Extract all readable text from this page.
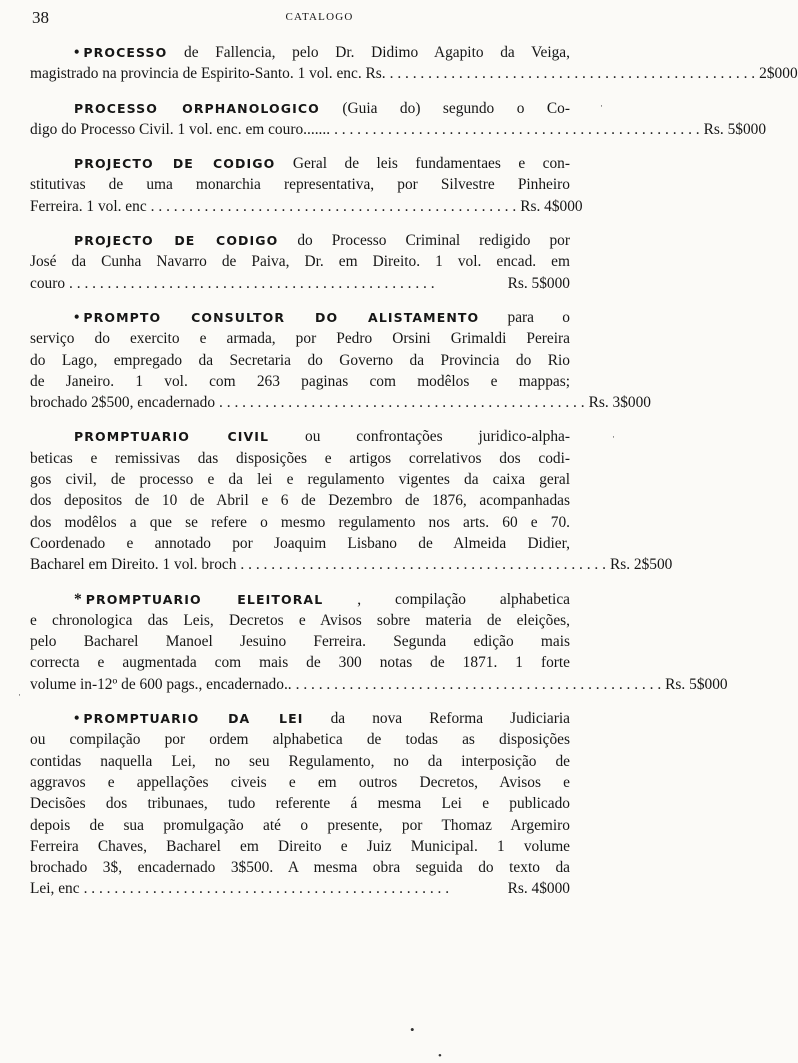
38	CATALOGO
• PROCESSO de Fallencia, pelo Dr. Didimo Agapito da Veiga,
magistrado na provincia de Espirito-Santo. 1 vol. enc. Rs. . . . . . . . . . . . . . . . . . . . . . . . . . . . . . . . . . . . . . . . . . . . . . . . . 2$000
PROCESSO ORPHANOLOGICO (Guia do) segundo o Co-
digo do Processo Civil. 1 vol. enc. em couro....... . . . . . . . . . . . . . . . . . . . . . . . . . . . . . . . . . . . . . . . . . . . . . . . . Rs. 5$000
PROJECTO DE CODIGO Geral de leis fundamentaes e con-
stitutivas de uma monarchia representativa, por Silvestre Pinheiro
Ferreira. 1 vol. enc . . . . . . . . . . . . . . . . . . . . . . . . . . . . . . . . . . . . . . . . . . . . . . . . Rs. 4$000
PROJECTO DE CODIGO do Processo Criminal redigido por
José da Cunha Navarro de Paiva, Dr. em Direito. 1 vol. encad. em
couro . . . . . . . . . . . . . . . . . . . . . . . . . . . . . . . . . . . . . . . . . . . . . . . .	Rs. 5$000
• PROMPTO CONSULTOR DO ALISTAMENTO para o
serviço do exercito e armada, por Pedro Orsini Grimaldi Pereira
do Lago, empregado da Secretaria do Governo da Provincia do Rio
de Janeiro. 1 vol. com 263 paginas com modêlos e mappas;
brochado 2$500, encadernado . . . . . . . . . . . . . . . . . . . . . . . . . . . . . . . . . . . . . . . . . . . . . . . . Rs. 3$000
PROMPTUARIO CIVIL ou confrontações juridico-alpha-
beticas e remissivas das disposições e artigos correlativos dos codi-
gos civil, de processo e da lei e regulamento vigentes da caixa geral
dos depositos de 10 de Abril e 6 de Dezembro de 1876, acompanhadas
dos modêlos a que se refere o mesmo regulamento nos arts. 60 e 70.
Coordenado e annotado por Joaquim Lisbano de Almeida Didier,
Bacharel em Direito. 1 vol. broch . . . . . . . . . . . . . . . . . . . . . . . . . . . . . . . . . . . . . . . . . . . . . . . . Rs. 2$500
* PROMPTUARIO ELEITORAL , compilação alphabetica
e chronologica das Leis, Decretos e Avisos sobre materia de eleições,
pelo Bacharel Manoel Jesuino Ferreira. Segunda edição mais
correcta e augmentada com mais de 300 notas de 1871. 1 forte
volume in-12º de 600 pags., encadernado.. . . . . . . . . . . . . . . . . . . . . . . . . . . . . . . . . . . . . . . . . . . . . . . . . Rs. 5$000
• PROMPTUARIO DA LEI da nova Reforma Judiciaria
ou compilação por ordem alphabetica de todas as disposições
contidas naquella Lei, no seu Regulamento, no da interposição de
aggravos e appellações civeis e em outros Decretos, Avisos e
Decisões dos tribunaes, tudo referente á mesma Lei e publicado
depois de sua promulgação até o presente, por Thomaz Argemiro
Ferreira Chaves, Bacharel em Direito e Juiz Municipal. 1 volume
brochado 3$, encadernado 3$500. A mesma obra seguida do texto da
Lei, enc . . . . . . . . . . . . . . . . . . . . . . . . . . . . . . . . . . . . . . . . . . . . . . . .	Rs. 4$000
·
·
·
•
•
